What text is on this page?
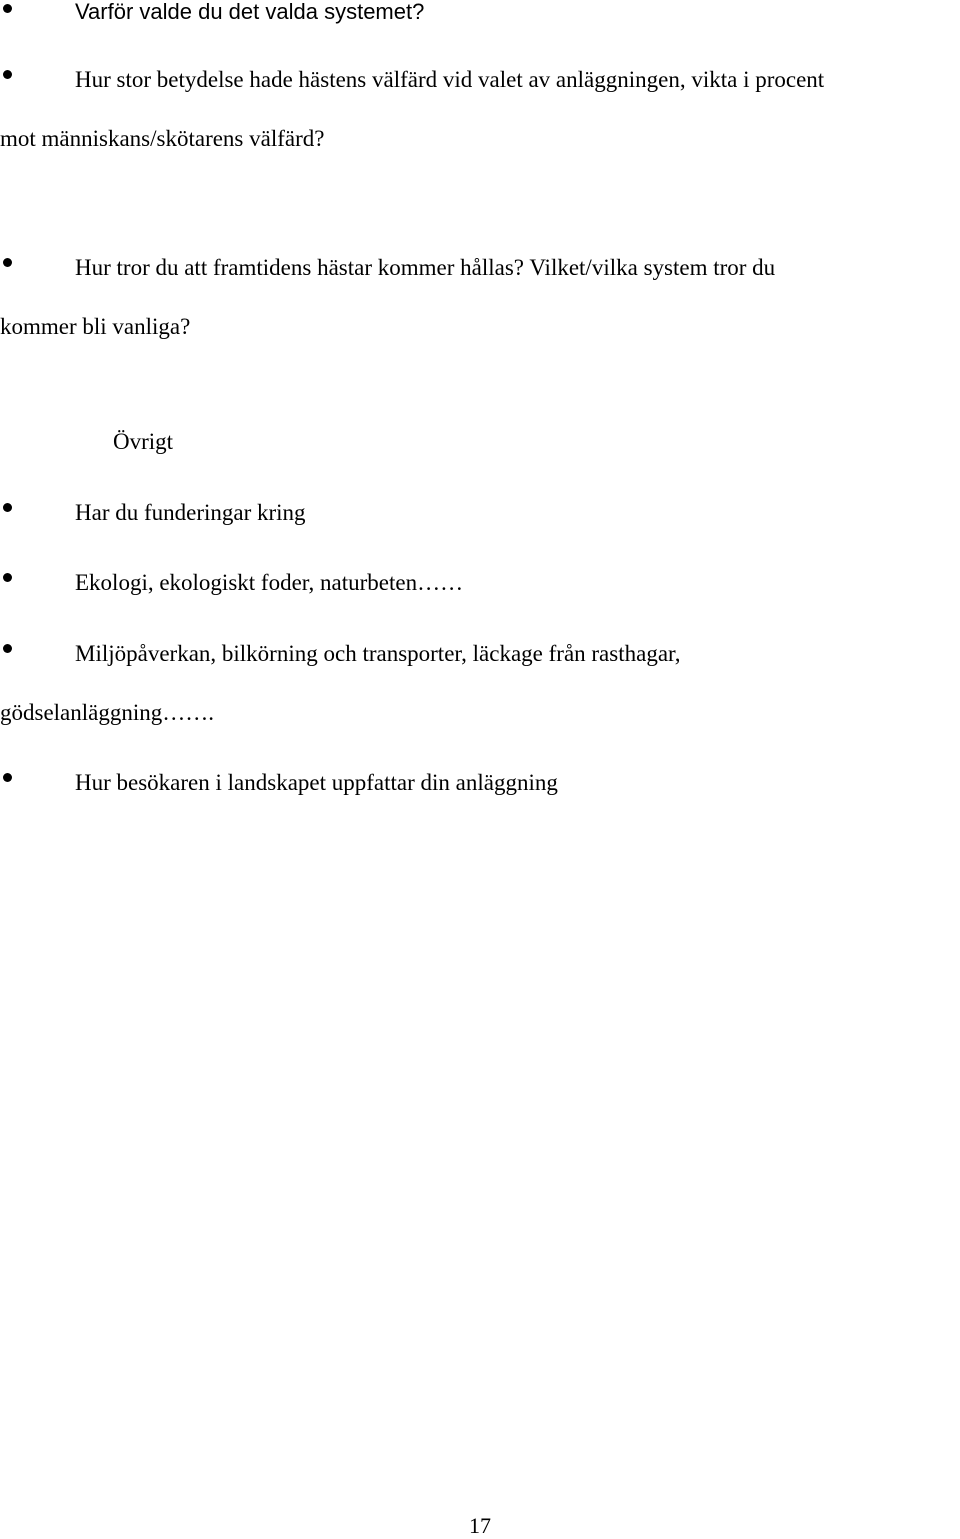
Varför valde du det valda systemet?
Hur stor betydelse hade hästens välfärd vid valet av anläggningen, vikta i procent
mot människans/skötarens välfärd?
Hur tror du att framtidens hästar kommer hållas? Vilket/vilka system tror du
kommer bli vanliga?
Övrigt
Har du funderingar kring
Ekologi, ekologiskt foder, naturbeten……
Miljöpåverkan, bilkörning och transporter, läckage från rasthagar,
gödselanläggning…….
Hur besökaren i landskapet uppfattar din anläggning
17
